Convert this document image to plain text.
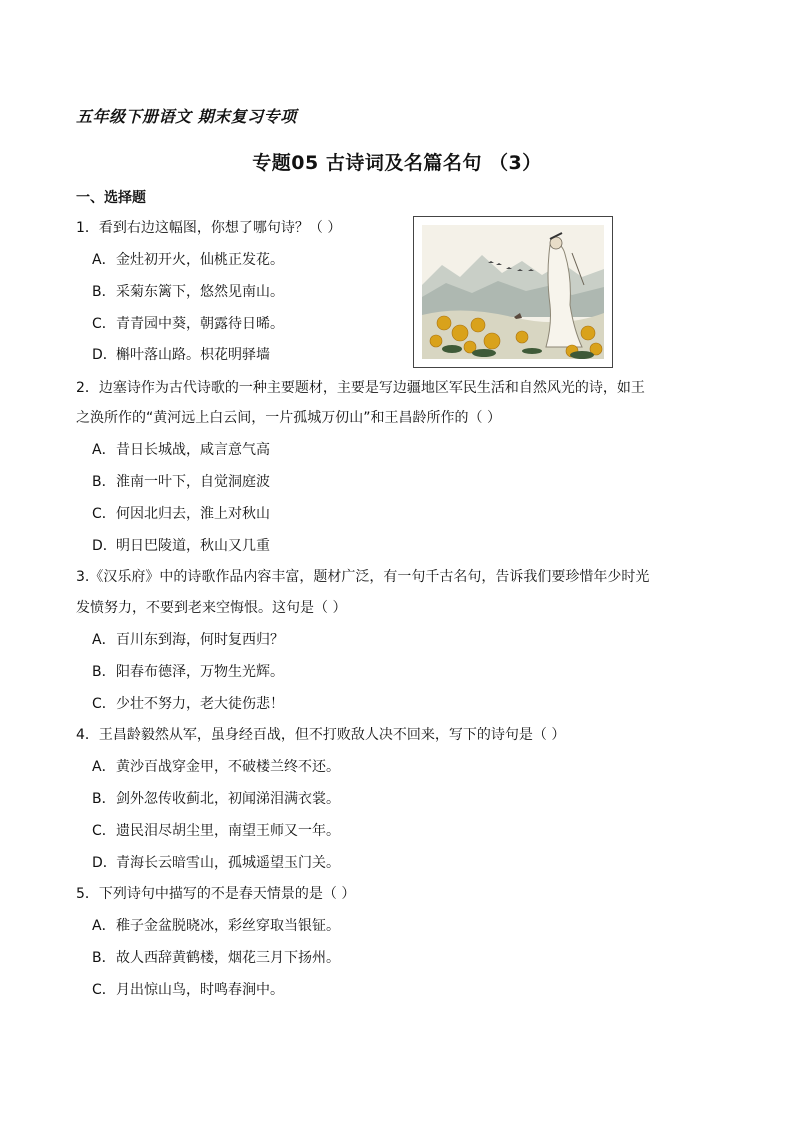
五年级下册语文 期末复习专项
专题05 古诗词及名篇名句 （3）
一、选择题
1．看到右边这幅图，你想了哪句诗？（ ）
A．金灶初开火，仙桃正发花。
B．采菊东篱下，悠然见南山。
C．青青园中葵，朝露待日晞。
D．槲叶落山路。枳花明驿墙
2．边塞诗作为古代诗歌的一种主要题材，主要是写边疆地区军民生活和自然风光的诗，如王
之涣所作的“黄河远上白云间，一片孤城万仞山”和王昌龄所作的（ ）
A．昔日长城战，咸言意气高
B．淮南一叶下，自觉洞庭波
C．何因北归去，淮上对秋山
D．明日巴陵道，秋山又几重
3.《汉乐府》中的诗歌作品内容丰富，题材广泛，有一句千古名句，告诉我们要珍惜年少时光
发愤努力，不要到老来空悔恨。这句是（ ）
A．百川东到海，何时复西归？
B．阳春布德泽，万物生光辉。
C．少壮不努力，老大徒伤悲！
4．王昌龄毅然从军，虽身经百战，但不打败敌人决不回来，写下的诗句是（ ）
A．黄沙百战穿金甲，不破楼兰终不还。
B．剑外忽传收蓟北，初闻涕泪满衣裳。
C．遗民泪尽胡尘里，南望王师又一年。
D．青海长云暗雪山，孤城遥望玉门关。
5．下列诗句中描写的不是春天情景的是（ ）
A．稚子金盆脱晓冰，彩丝穿取当银钲。
B．故人西辞黄鹤楼，烟花三月下扬州。
C．月出惊山鸟，时鸣春涧中。
